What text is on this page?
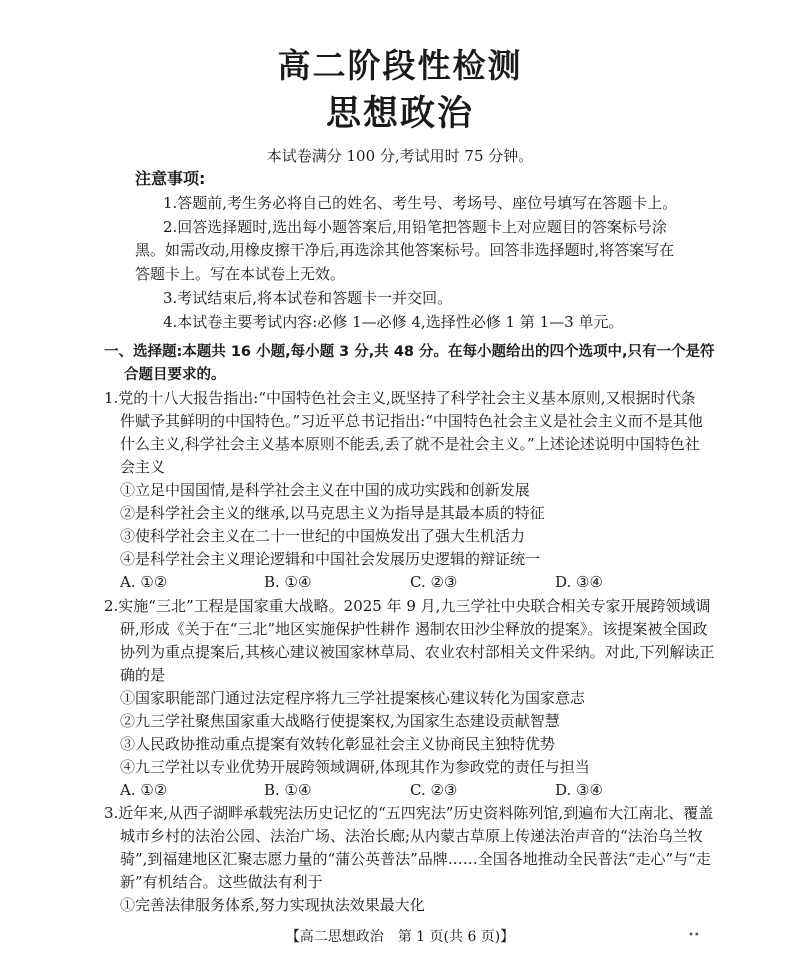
高二阶段性检测
思想政治
本试卷满分 100 分,考试用时 75 分钟。
注意事项:
1.答题前,考生务必将自己的姓名、考生号、考场号、座位号填写在答题卡上。
2.回答选择题时,选出每小题答案后,用铅笔把答题卡上对应题目的答案标号涂
黑。如需改动,用橡皮擦干净后,再选涂其他答案标号。回答非选择题时,将答案写在
答题卡上。写在本试卷上无效。
3.考试结束后,将本试卷和答题卡一并交回。
4.本试卷主要考试内容:必修 1—必修 4,选择性必修 1 第 1—3 单元。
一、选择题:本题共 16 小题,每小题 3 分,共 48 分。在每小题给出的四个选项中,只有一个是符
合题目要求的。
1.党的十八大报告指出:“中国特色社会主义,既坚持了科学社会主义基本原则,又根据时代条
件赋予其鲜明的中国特色。”习近平总书记指出:“中国特色社会主义是社会主义而不是其他
什么主义,科学社会主义基本原则不能丢,丢了就不是社会主义。”上述论述说明中国特色社
会主义
①立足中国国情,是科学社会主义在中国的成功实践和创新发展
②是科学社会主义的继承,以马克思主义为指导是其最本质的特征
③使科学社会主义在二十一世纪的中国焕发出了强大生机活力
④是科学社会主义理论逻辑和中国社会发展历史逻辑的辩证统一
A. ①②	B. ①④	C. ②③	D. ③④
2.实施“三北”工程是国家重大战略。2025 年 9 月,九三学社中央联合相关专家开展跨领域调
研,形成《关于在“三北”地区实施保护性耕作 遏制农田沙尘释放的提案》。该提案被全国政
协列为重点提案后,其核心建议被国家林草局、农业农村部相关文件采纳。对此,下列解读正
确的是
①国家职能部门通过法定程序将九三学社提案核心建议转化为国家意志
②九三学社聚焦国家重大战略行使提案权,为国家生态建设贡献智慧
③人民政协推动重点提案有效转化彰显社会主义协商民主独特优势
④九三学社以专业优势开展跨领域调研,体现其作为参政党的责任与担当
A. ①②	B. ①④	C. ②③	D. ③④
3.近年来,从西子湖畔承载宪法历史记忆的“五四宪法”历史资料陈列馆,到遍布大江南北、覆盖
城市乡村的法治公园、法治广场、法治长廊;从内蒙古草原上传递法治声音的“法治乌兰牧
骑”,到福建地区汇聚志愿力量的“蒲公英普法”品牌……全国各地推动全民普法“走心”与“走
新”有机结合。这些做法有利于
①完善法律服务体系,努力实现执法效果最大化
【高二思想政治　第 1 页(共 6 页)】	••
